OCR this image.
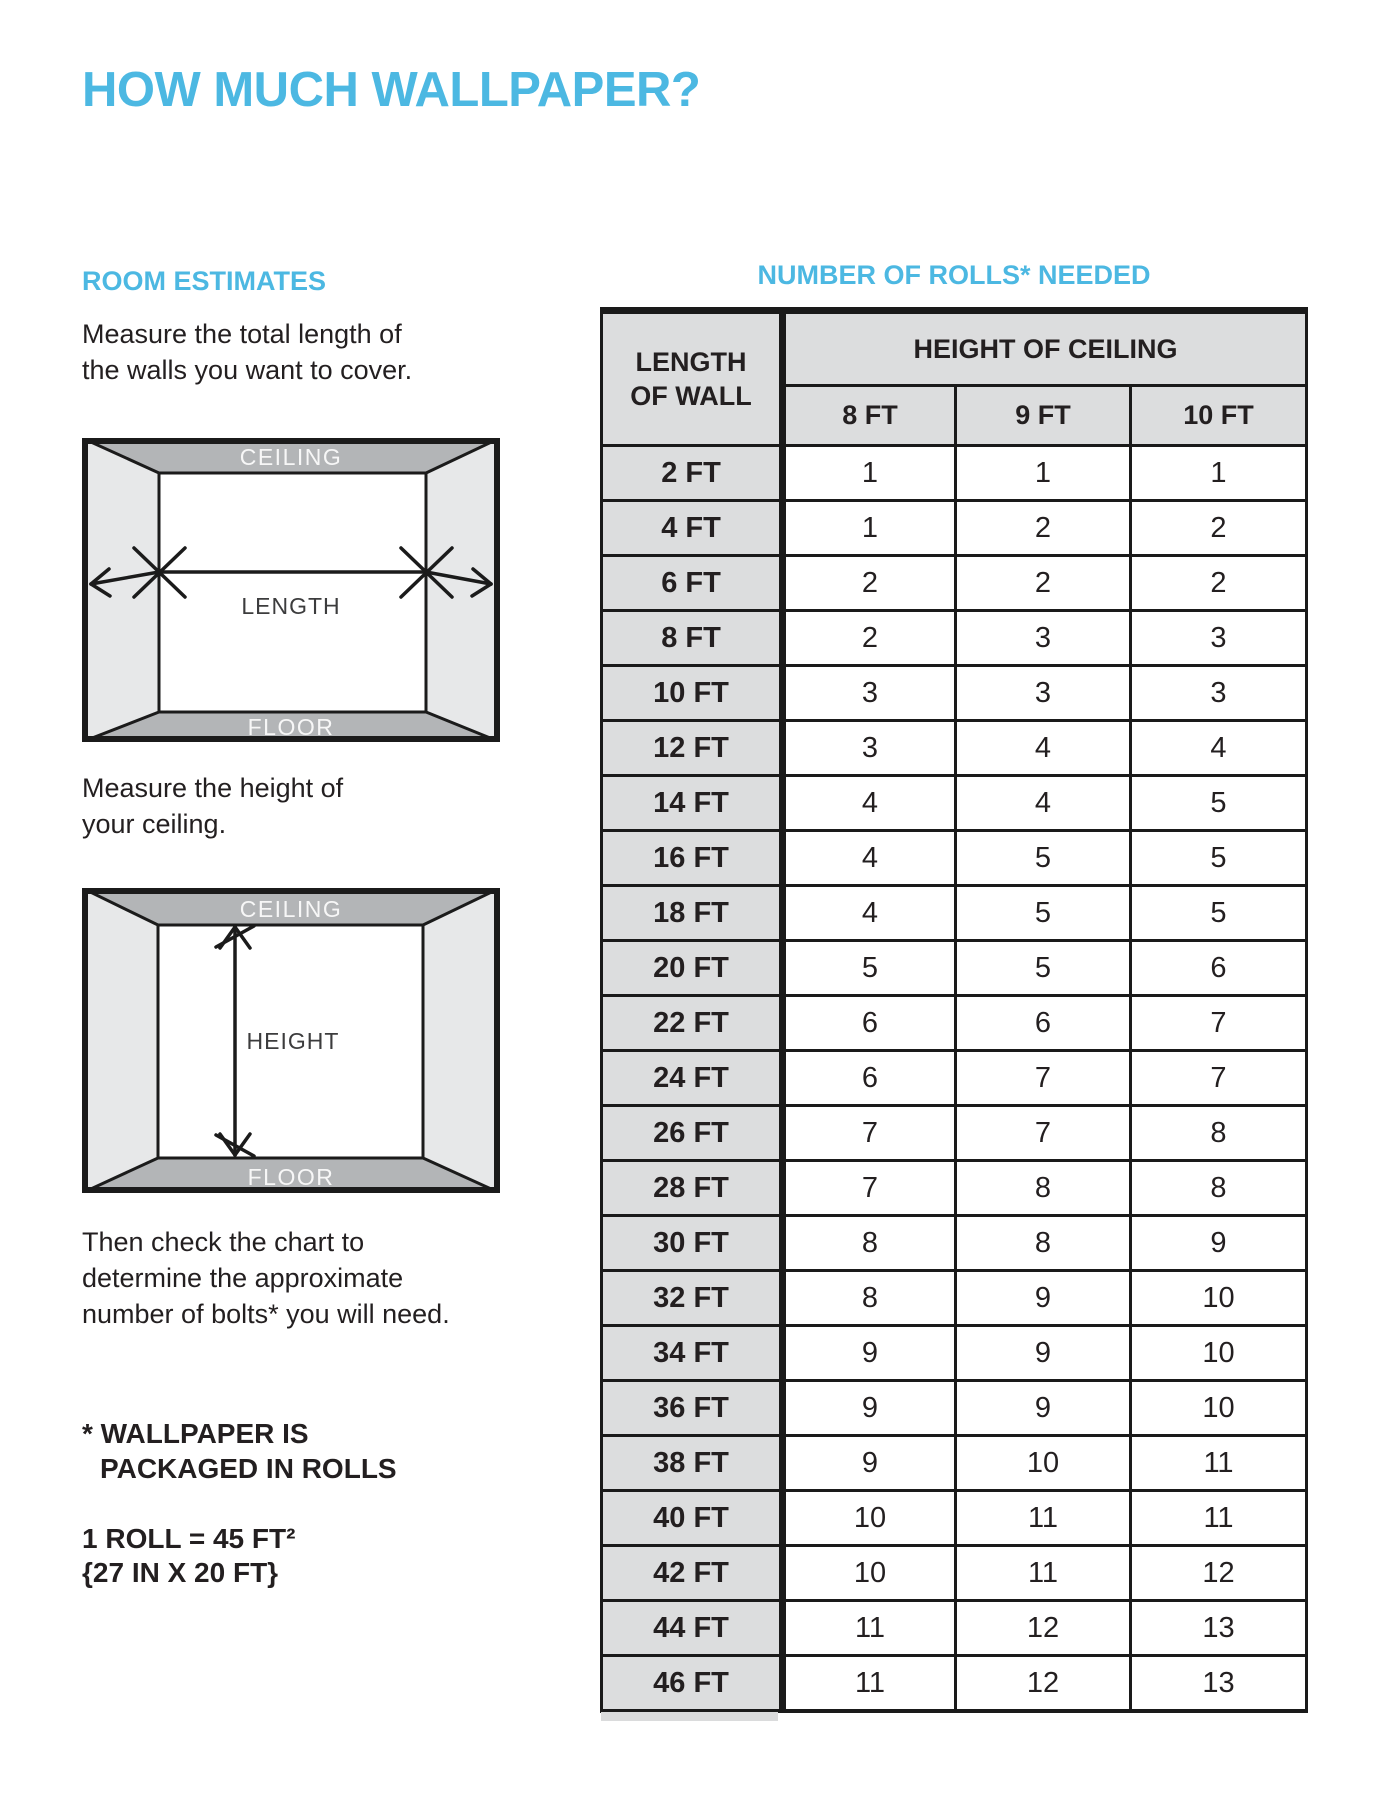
HOW MUCH WALLPAPER?
ROOM ESTIMATES	NUMBER OF ROLLS* NEEDED
Measure the total length of
the walls you want to cover.
CEILING
FLOOR
LENGTH
Measure the height of
your ceiling.
CEILING
FLOOR
HEIGHT
Then check the chart to
determine the approximate
number of bolts* you will need.
* WALLPAPER IS
PACKAGED IN ROLLS
1 ROLL = 45 FT²
{27 IN X 20 FT}
LENGTH
OF WALL
HEIGHT OF CEILING
8 FT	9 FT	10 FT
2 FT	1	1	1
4 FT	1	2	2
6 FT	2	2	2
8 FT	2	3	3
10 FT	3	3	3
12 FT	3	4	4
14 FT	4	4	5
16 FT	4	5	5
18 FT	4	5	5
20 FT	5	5	6
22 FT	6	6	7
24 FT	6	7	7
26 FT	7	7	8
28 FT	7	8	8
30 FT	8	8	9
32 FT	8	9	10
34 FT	9	9	10
36 FT	9	9	10
38 FT	9	10	11
40 FT	10	11	11
42 FT	10	11	12
44 FT	11	12	13
46 FT	11	12	13
